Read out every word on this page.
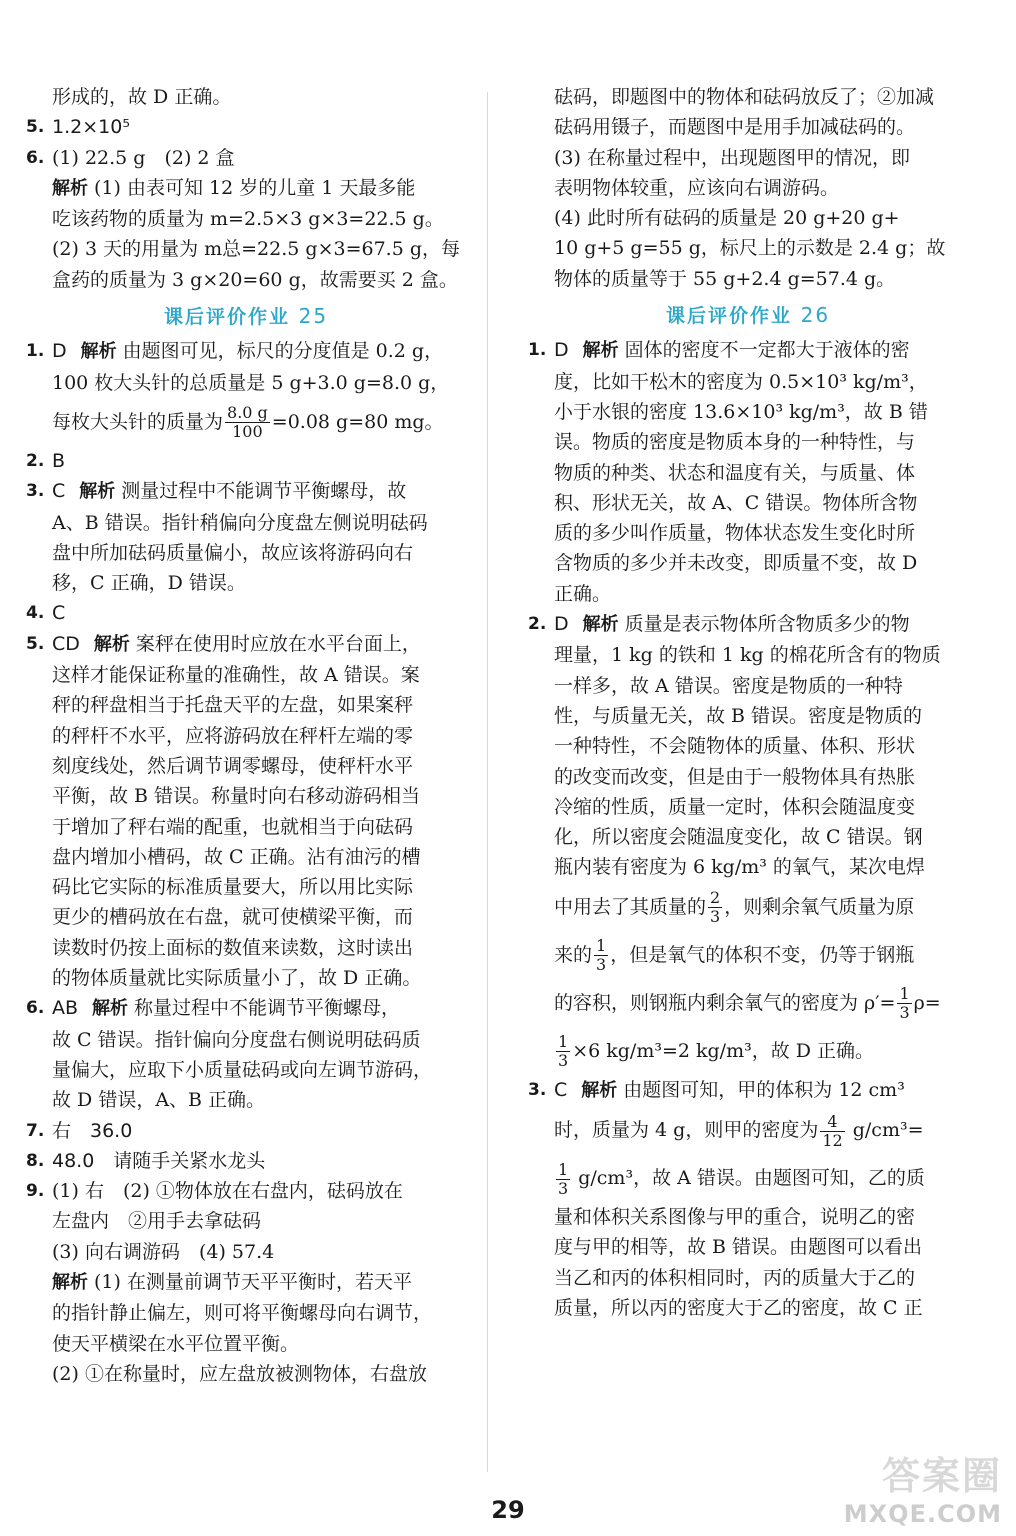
形成的，故 D 正确。
5. 1.2×10⁵
6. (1) 22.5 g　(2) 2 盒
解析 (1) 由表可知 12 岁的儿童 1 天最多能
吃该药物的质量为 m=2.5×3 g×3=22.5 g。
(2) 3 天的用量为 m总=22.5 g×3=67.5 g，每
盒药的质量为 3 g×20=60 g，故需要买 2 盒。
课后评价作业 25
1. D 解析 由题图可见，标尺的分度值是 0.2 g，
100 枚大头针的总质量是 5 g+3.0 g=8.0 g，
每枚大头针的质量为 $\frac{8.0 g}{100} =0.08$ g=80 mg。
2. B
3. C 解析 测量过程中不能调节平衡螺母，故
A、B 错误。指针稍偏向分度盘左侧说明砝码
盘中所加砝码质量偏小，故应该将游码向右
移，C 正确，D 错误。
4. C
5. CD 解析 案秤在使用时应放在水平台面上，
这样才能保证称量的准确性，故 A 错误。案
秤的秤盘相当于托盘天平的左盘，如果案秤
的秤杆不水平，应将游码放在秤杆左端的零
刻度线处，然后调节调零螺母，使秤杆水平
平衡，故 B 错误。称量时向右移动游码相当
于增加了秤右端的配重，也就相当于向砝码
盘内增加小槽码，故 C 正确。沾有油污的槽
码比它实际的标准质量要大，所以用比实际
更少的槽码放在右盘，就可使横梁平衡，而
读数时仍按上面标的数值来读数，这时读出
的物体质量就比实际质量小了，故 D 正确。
6. AB 解析 称量过程中不能调节平衡螺母，
故 C 错误。指针偏向分度盘右侧说明砝码质
量偏大，应取下小质量砝码或向左调节游码，
故 D 错误，A、B 正确。
7. 右　36.0
8. 48.0　请随手关紧水龙头
9. (1) 右　(2) ①物体放在右盘内，砝码放在
左盘内　②用手去拿砝码
(3) 向右调游码　(4) 57.4
解析 (1) 在测量前调节天平平衡时，若天平
的指针静止偏左，则可将平衡螺母向右调节，
使天平横梁在水平位置平衡。
(2) ①在称量时，应左盘放被测物体，右盘放
砝码，即题图中的物体和砝码放反了；②加减
砝码用镊子，而题图中是用手加减砝码的。
(3) 在称量过程中，出现题图甲的情况，即
表明物体较重，应该向右调游码。
(4) 此时所有砝码的质量是 20 g+20 g+
10 g+5 g=55 g，标尺上的示数是 2.4 g；故
物体的质量等于 55 g+2.4 g=57.4 g。
课后评价作业 26
1. D 解析 固体的密度不一定都大于液体的密
度，比如干松木的密度为 0.5×10³ kg/m³，
小于水银的密度 13.6×10³ kg/m³，故 B 错
误。物质的密度是物质本身的一种特性，与
物质的种类、状态和温度有关，与质量、体
积、形状无关，故 A、C 错误。物体所含物
质的多少叫作质量，物体状态发生变化时所
含物质的多少并未改变，即质量不变，故 D
正确。
2. D 解析 质量是表示物体所含物质多少的物
理量，1 kg 的铁和 1 kg 的棉花所含有的物质
一样多，故 A 错误。密度是物质的一种特
性，与质量无关，故 B 错误。密度是物质的
一种特性，不会随物体的质量、体积、形状
的改变而改变，但是由于一般物体具有热胀
冷缩的性质，质量一定时，体积会随温度变
化，所以密度会随温度变化，故 C 错误。钢
瓶内装有密度为 6 kg/m³ 的氧气，某次电焊
中用去了其质量的 $\frac{2}{3}$ ，则剩余氧气质量为原
来的 $\frac{1}{3}$ ，但是氧气的体积不变，仍等于钢瓶
的容积，则钢瓶内剩余氧气的密度为 $\rho'= \frac{1}{3} \rho=$
$\frac{1}{3} \times 6$ kg/m³=2 kg/m³，故 D 正确。
3. C 解析 由题图可知，甲的体积为 12 cm³
时，质量为 4 g，则甲的密度为 $\frac{4}{12} g/cm^3=$
$\frac{1}{3} g/cm^3$，故 A 错误。由题图可知，乙的质
量和体积关系图像与甲的重合，说明乙的密
度与甲的相等，故 B 错误。由题图可以看出
当乙和丙的体积相同时，丙的质量大于乙的
质量，所以丙的密度大于乙的密度，故 C 正
29
答案圈
MXQE.COM
